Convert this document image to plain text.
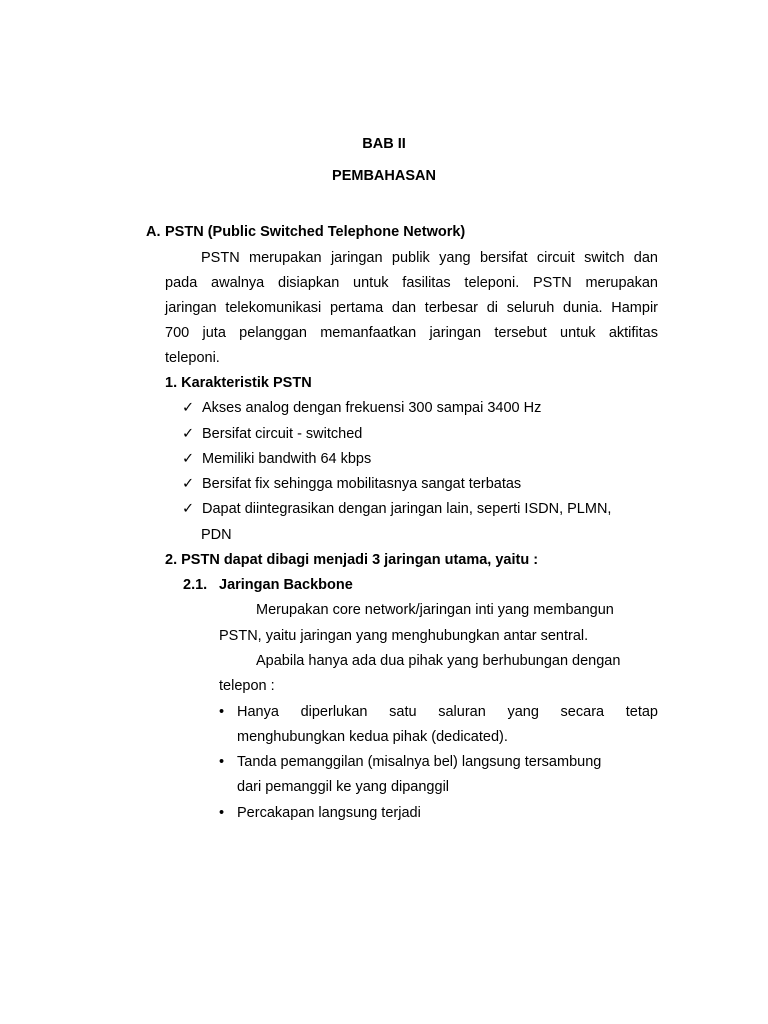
BAB II
PEMBAHASAN
A. PSTN (Public Switched Telephone Network)
PSTN merupakan jaringan publik yang bersifat circuit switch dan
pada awalnya disiapkan untuk fasilitas teleponi. PSTN merupakan
jaringan telekomunikasi pertama dan terbesar di seluruh dunia. Hampir
700 juta pelanggan memanfaatkan jaringan tersebut untuk aktifitas
teleponi.
1. Karakteristik PSTN
✓ Akses analog dengan frekuensi 300 sampai 3400 Hz
✓ Bersifat circuit - switched
✓ Memiliki bandwith 64 kbps
✓ Bersifat fix sehingga mobilitasnya sangat terbatas
✓ Dapat diintegrasikan dengan jaringan lain, seperti ISDN, PLMN,
PDN
2. PSTN dapat dibagi menjadi 3 jaringan utama, yaitu :
2.1. Jaringan Backbone
Merupakan core network/jaringan inti yang membangun
PSTN, yaitu jaringan yang menghubungkan antar sentral.
Apabila hanya ada dua pihak yang berhubungan dengan
telepon :
• Hanya diperlukan satu saluran yang secara tetap
menghubungkan kedua pihak (dedicated).
• Tanda pemanggilan (misalnya bel) langsung tersambung
dari pemanggil ke yang dipanggil
• Percakapan langsung terjadi
